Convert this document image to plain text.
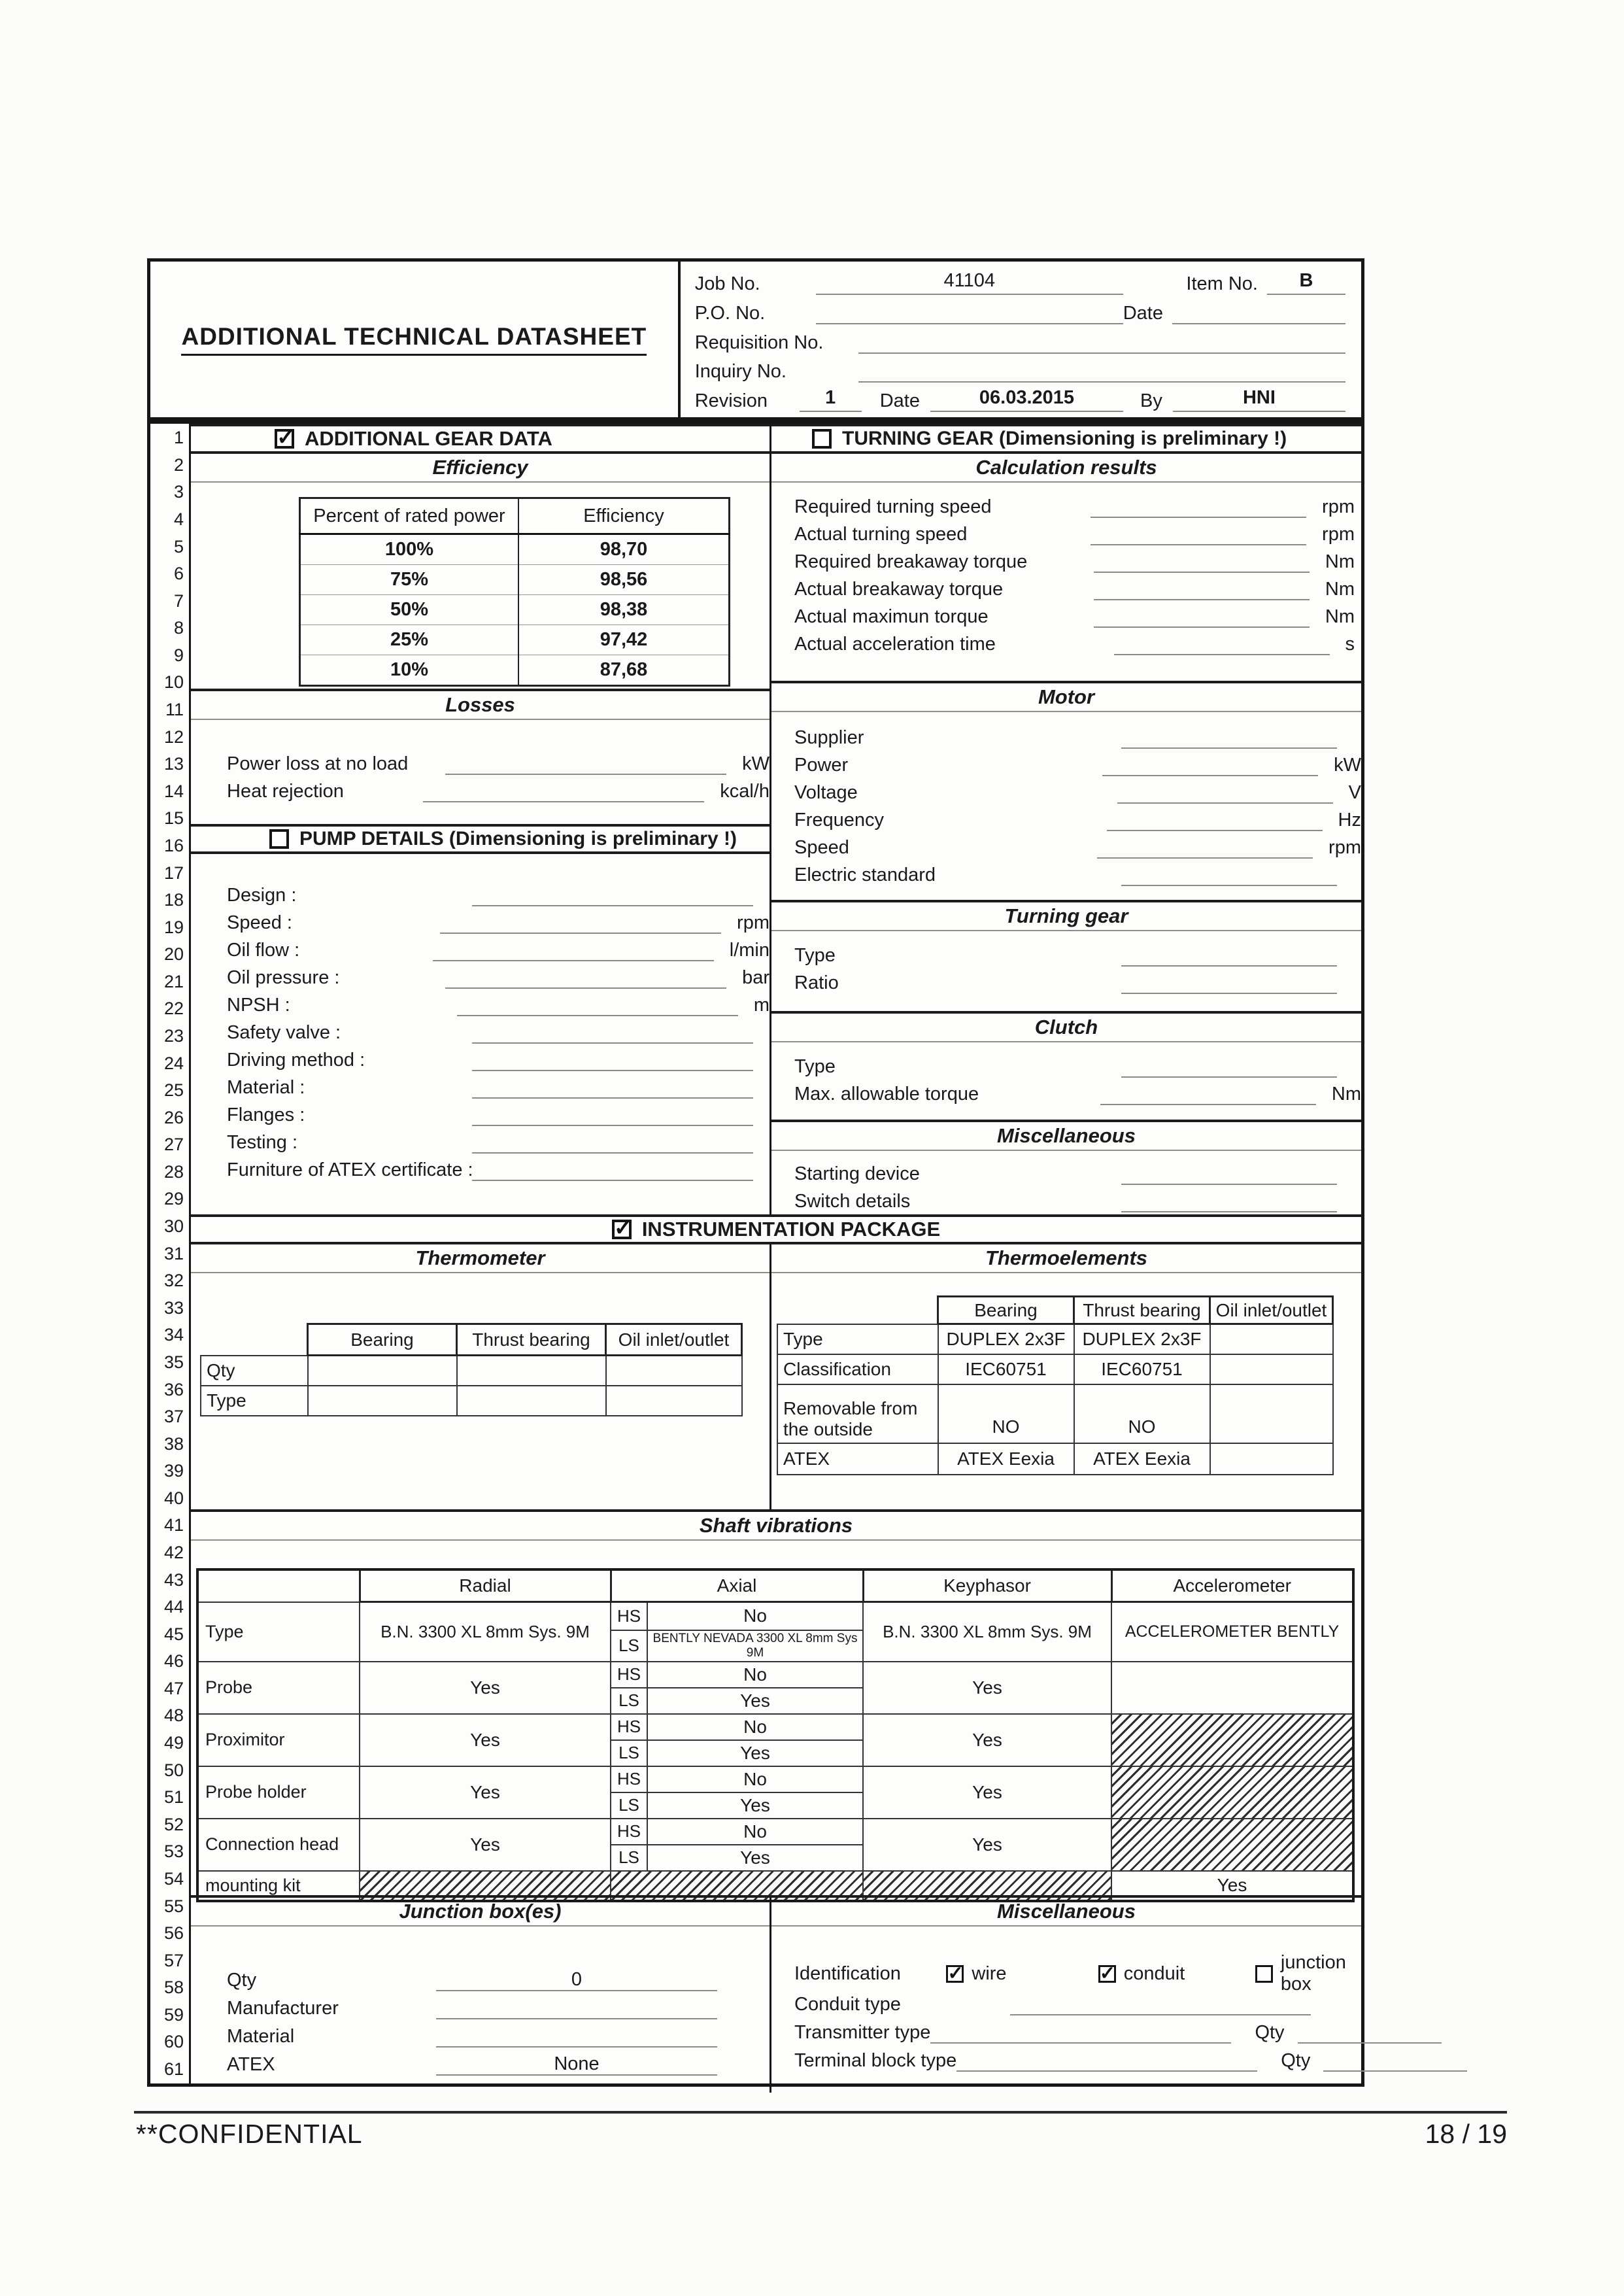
ADDITIONAL TECHNICAL DATASHEET
Job No.	41104	Item No.	B
P.O. No.	Date
Requisition No.
Inquiry No.
Revision	1	Date	06.03.2015	By	HNI
1
2
3
4
5
6
7
8
9
10
11
12
13
14
15
16
17
18
19
20
21
22
23
24
25
26
27
28
29
30
31
32
33
34
35
36
37
38
39
40
41
42
43
44
45
46
47
48
49
50
51
52
53
54
55
56
57
58
59
60
61
✓
ADDITIONAL GEAR DATA
Efficiency
Percent of rated power	Efficiency
100%	98,70
75%	98,56
50%	98,38
25%	97,42
10%	87,68
Losses
Power loss at no load	kW
Heat rejection	kcal/h
PUMP DETAILS (Dimensioning is preliminary !)
Design :
Speed :	rpm
Oil flow :	l/min
Oil pressure :	bar
NPSH :	m
Safety valve :
Driving method :
Material :
Flanges :
Testing :
Furniture of ATEX certificate :
TURNING GEAR (Dimensioning is preliminary !)
Calculation results
Required turning speed	rpm
Actual turning speed	rpm
Required breakaway torque	Nm
Actual breakaway torque	Nm
Actual maximun torque	Nm
Actual acceleration time	s
Motor
Supplier
Power	kW
Voltage	V
Frequency	Hz
Speed	rpm
Electric standard
Turning gear
Type
Ratio
Clutch
Type
Max. allowable torque	Nm
Miscellaneous
Starting device
Switch details
✓
INSTRUMENTATION PACKAGE
Thermometer
	Bearing	Thrust bearing	Oil inlet/outlet
Qty			
Type			
Thermoelements
	Bearing	Thrust bearing	Oil inlet/outlet
Type	DUPLEX 2x3F	DUPLEX 2x3F	
Classification	IEC60751	IEC60751	
Removable from the outside	NO	NO	
ATEX	ATEX Eexia	ATEX Eexia	
Shaft vibrations
	Radial	Axial		Keyphasor	Accelerometer
Type	B.N. 3300 XL 8mm Sys. 9M	HS	No	B.N. 3300 XL 8mm Sys. 9M	ACCELEROMETER BENTLY
		LS	BENTLY NEVADA 3300 XL 8mm Sys 9M		
Probe	Yes	HS	No	Yes	
		LS	Yes		
Proximitor	Yes	HS	No	Yes	
		LS	Yes		
Probe holder	Yes	HS	No	Yes	
		LS	Yes		
Connection head	Yes	HS	No	Yes	
		LS	Yes		
mounting kit					Yes
Junction box(es)
Qty	0
Manufacturer
Material
ATEX	None
Miscellaneous
Identification ✓	wire ✓	conduit
junction box
Conduit type
Transmitter type	Qty
Terminal block type	Qty
**CONFIDENTIAL	18 / 19
